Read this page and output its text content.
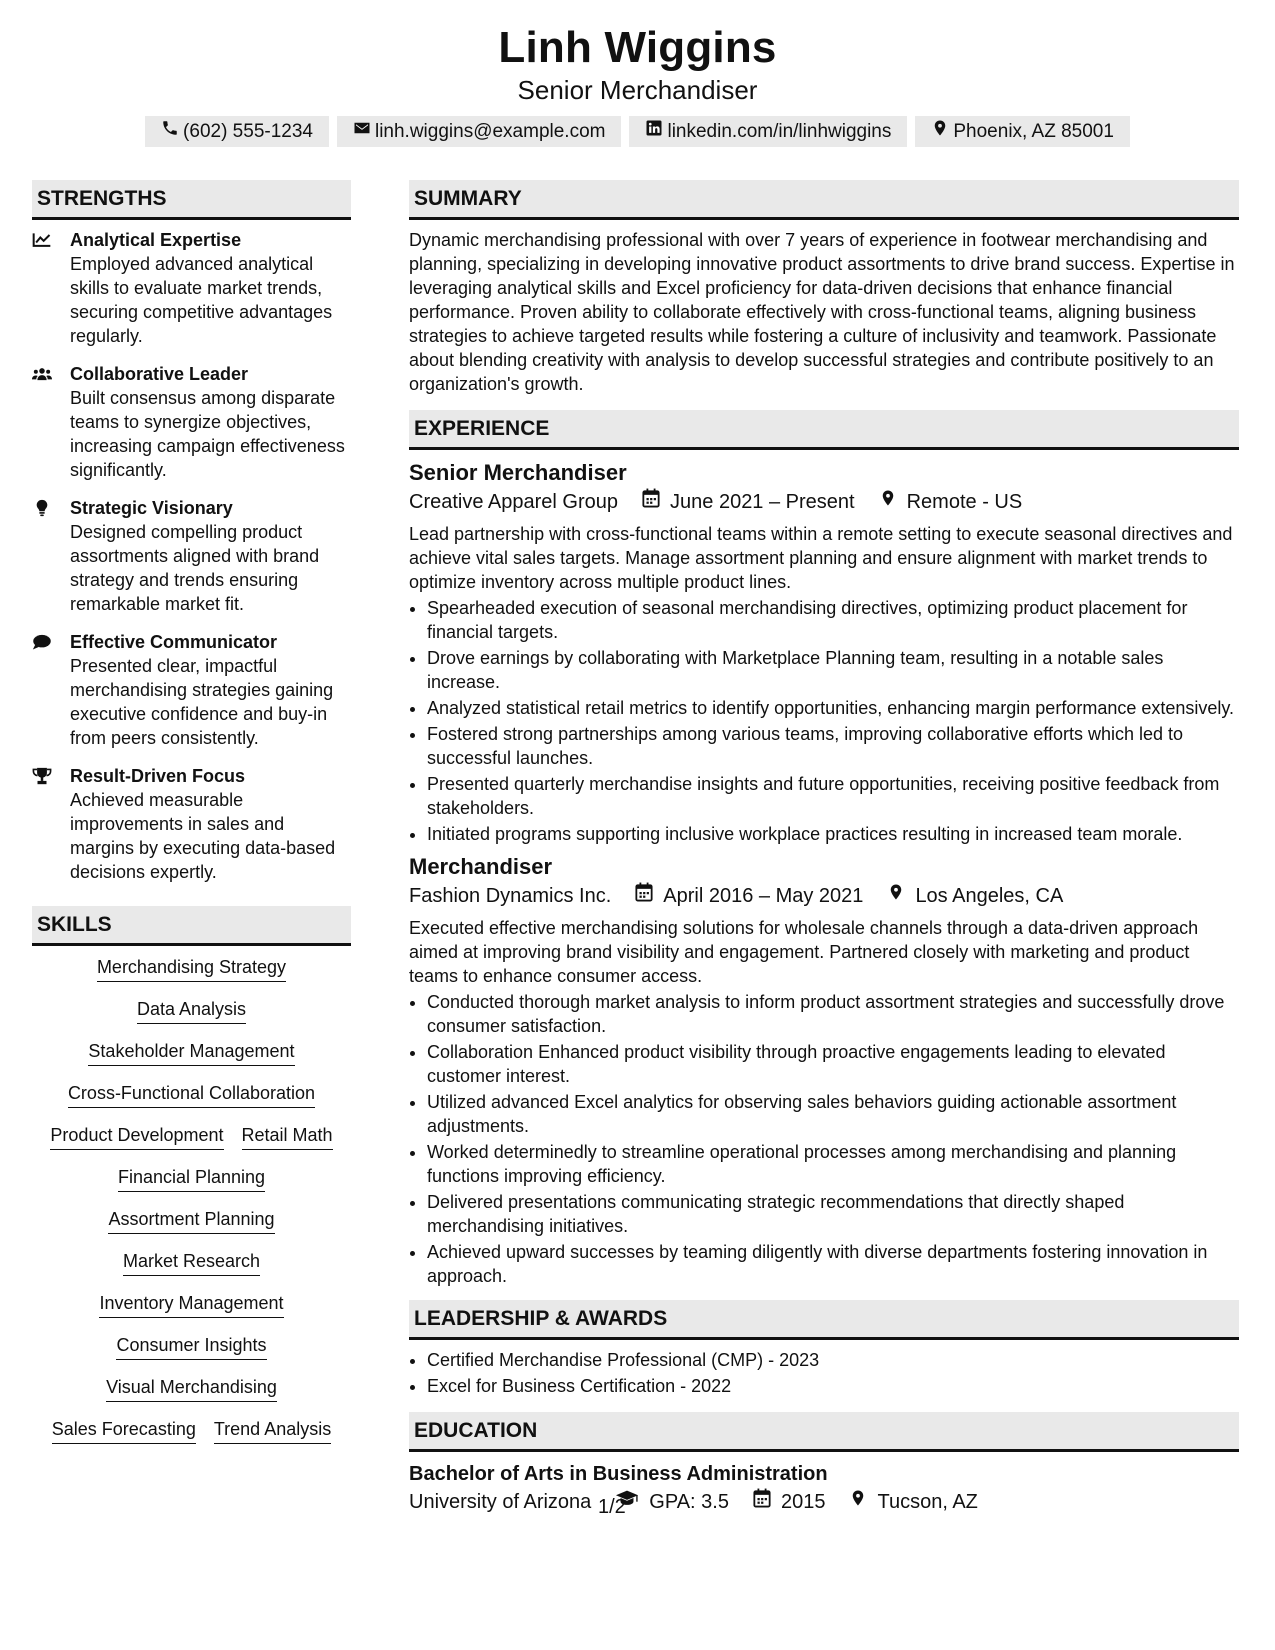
Linh Wiggins
Senior Merchandiser
(602) 555-1234	linh.wiggins@example.com	linkedin.com/in/linhwiggins	Phoenix, AZ 85001
STRENGTHS
Analytical Expertise
Employed advanced analytical skills to evaluate market trends, securing competitive advantages regularly.
Collaborative Leader
Built consensus among disparate teams to synergize objectives, increasing campaign effectiveness significantly.
Strategic Visionary
Designed compelling product assortments aligned with brand strategy and trends ensuring remarkable market fit.
Effective Communicator
Presented clear, impactful merchandising strategies gaining executive confidence and buy-in from peers consistently.
Result-Driven Focus
Achieved measurable improvements in sales and margins by executing data-based decisions expertly.
SKILLS
Merchandising Strategy
Data Analysis
Stakeholder Management
Cross-Functional Collaboration
Product Development Retail Math
Financial Planning
Assortment Planning
Market Research
Inventory Management
Consumer Insights
Visual Merchandising
Sales Forecasting Trend Analysis
SUMMARY
Dynamic merchandising professional with over 7 years of experience in footwear merchandising and planning, specializing in developing innovative product assortments to drive brand success. Expertise in leveraging analytical skills and Excel proficiency for data-driven decisions that enhance financial performance. Proven ability to collaborate effectively with cross-functional teams, aligning business strategies to achieve targeted results while fostering a culture of inclusivity and teamwork. Passionate about blending creativity with analysis to develop successful strategies and contribute positively to an organization's growth.
EXPERIENCE
Senior Merchandiser
Creative Apparel Group	June 2021 – Present	Remote - US
Lead partnership with cross-functional teams within a remote setting to execute seasonal directives and achieve vital sales targets. Manage assortment planning and ensure alignment with market trends to optimize inventory across multiple product lines.
• Spearheaded execution of seasonal merchandising directives, optimizing product placement for financial targets.
• Drove earnings by collaborating with Marketplace Planning team, resulting in a notable sales increase.
• Analyzed statistical retail metrics to identify opportunities, enhancing margin performance extensively.
• Fostered strong partnerships among various teams, improving collaborative efforts which led to successful launches.
• Presented quarterly merchandise insights and future opportunities, receiving positive feedback from stakeholders.
• Initiated programs supporting inclusive workplace practices resulting in increased team morale.
Merchandiser
Fashion Dynamics Inc.	April 2016 – May 2021	Los Angeles, CA
Executed effective merchandising solutions for wholesale channels through a data-driven approach aimed at improving brand visibility and engagement. Partnered closely with marketing and product teams to enhance consumer access.
• Conducted thorough market analysis to inform product assortment strategies and successfully drove consumer satisfaction.
• Collaboration Enhanced product visibility through proactive engagements leading to elevated customer interest.
• Utilized advanced Excel analytics for observing sales behaviors guiding actionable assortment adjustments.
• Worked determinedly to streamline operational processes among merchandising and planning functions improving efficiency.
• Delivered presentations communicating strategic recommendations that directly shaped merchandising initiatives.
• Achieved upward successes by teaming diligently with diverse departments fostering innovation in approach.
LEADERSHIP & AWARDS
• Certified Merchandise Professional (CMP) - 2023
• Excel for Business Certification - 2022
EDUCATION
Bachelor of Arts in Business Administration
University of Arizona	GPA: 3.5	2015	Tucson, AZ
1/2
